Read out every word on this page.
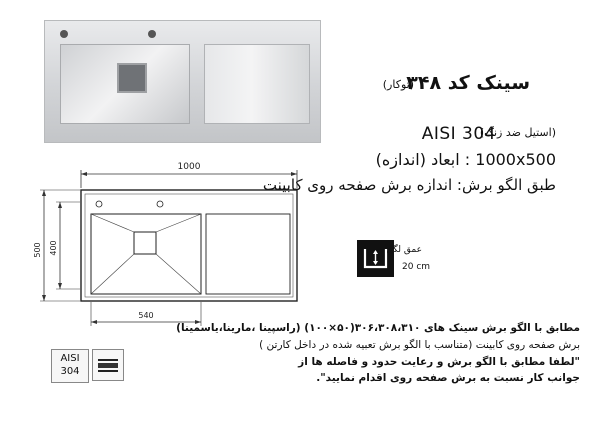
سینک کد ۳۴۸
(توکار)
AISI 304
(استیل ضد زنگ)
1000x500 : ابعاد (اندازه)
طبق الگو برش: اندازه برش صفحه روی کابینت
1000
500 400
540
عمق لگن
20 cm
مطابق با الگو برش سینک های ۳۰۶،۳۰۸،۳۱۰(۵۰×۱۰۰) (راسپینا ،مارینا،یاسمینا)
برش صفحه روی کابینت (متناسب با الگو برش تعبیه شده در داخل کارتن )
"لطفا مطابق با الگو برش و رعایت حدود و فاصله ها از
جوانب کار نسبت به برش صفحه روی اقدام نمایید".
AISI
304
